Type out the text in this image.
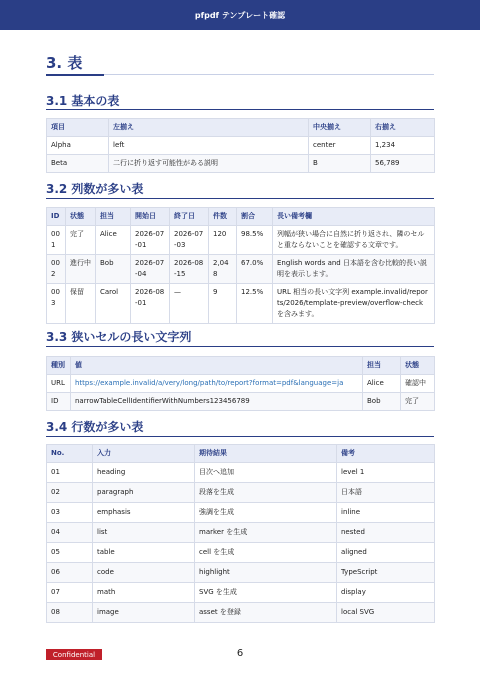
pfpdf テンプレート確認
3. 表
3.1 基本の表
項目	左揃え	中央揃え	右揃え
Alpha	left	center	1,234
Beta	二行に折り返す可能性がある説明	B	56,789
3.2 列数が多い表
ID	状態	担当	開始日	終了日	件数	割合	長い備考欄
001	完了	Alice	2026-07-01	2026-07-03	120	98.5%	列幅が狭い場合に自然に折り返され、隣のセルと重ならないことを確認する文章です。
002	進行中	Bob	2026-07-04	2026-08-15	2,048	67.0%	English words and 日本語を含む比較的長い説明を表示します。
003	保留	Carol	2026-08-01	—	9	12.5%	URL 相当の長い文字列 example.invalid/reports/2026/template-preview/overflow-check を含みます。
3.3 狭いセルの長い文字列
種別	値	担当	状態
URL	https://example.invalid/a/very/long/path/to/report?format=pdf&language=ja	Alice	確認中
ID	narrowTableCellIdentifierWithNumbers123456789	Bob	完了
3.4 行数が多い表
No.	入力	期待結果	備考
01	heading	目次へ追加	level 1
02	paragraph	段落を生成	日本語
03	emphasis	強調を生成	inline
04	list	marker を生成	nested
05	table	cell を生成	aligned
06	code	highlight	TypeScript
07	math	SVG を生成	display
08	image	asset を登録	local SVG
Confidential	6
